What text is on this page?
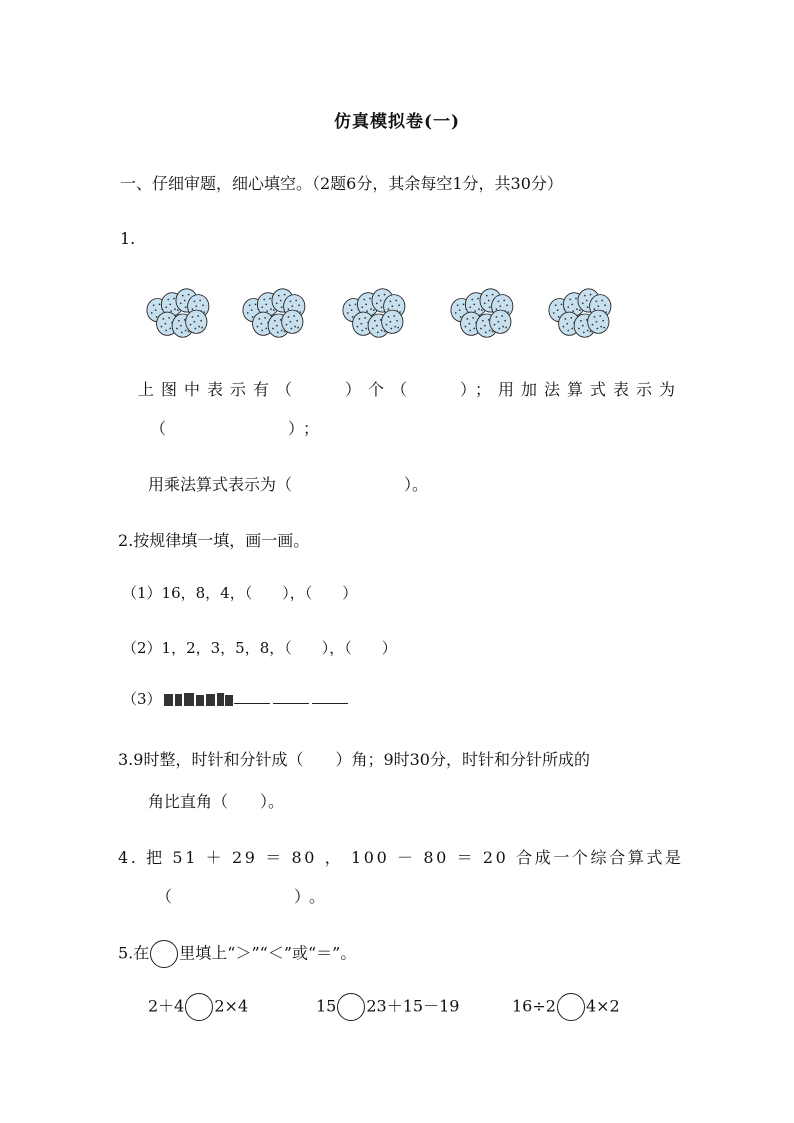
仿真模拟卷(一)
一、仔细审题，细心填空。（2题6分，其余每空1分，共30分）
1.
上图中表示有（　　）个（　　）；用加法算式表示为
（　　　　　）；
用乘法算式表示为（　　　　　　　）。
2.按规律填一填，画一画。
（1）16，8，4，（　　），（　　）
（2）1，2，3，5，8，（　　），（　　）
（3）
3.9时整，时针和分针成（　　）角；9时30分，时针和分针所成的
角比直角（　　）。
4. 把 51 ＋ 29 ＝ 80 ， 100 － 80 ＝ 20 合成一个综合算式是
（　　　　　）。
5.在 里填上“＞”“＜”或“＝”。
2＋4 2×4	15 23＋15－19	16÷2 4×2
